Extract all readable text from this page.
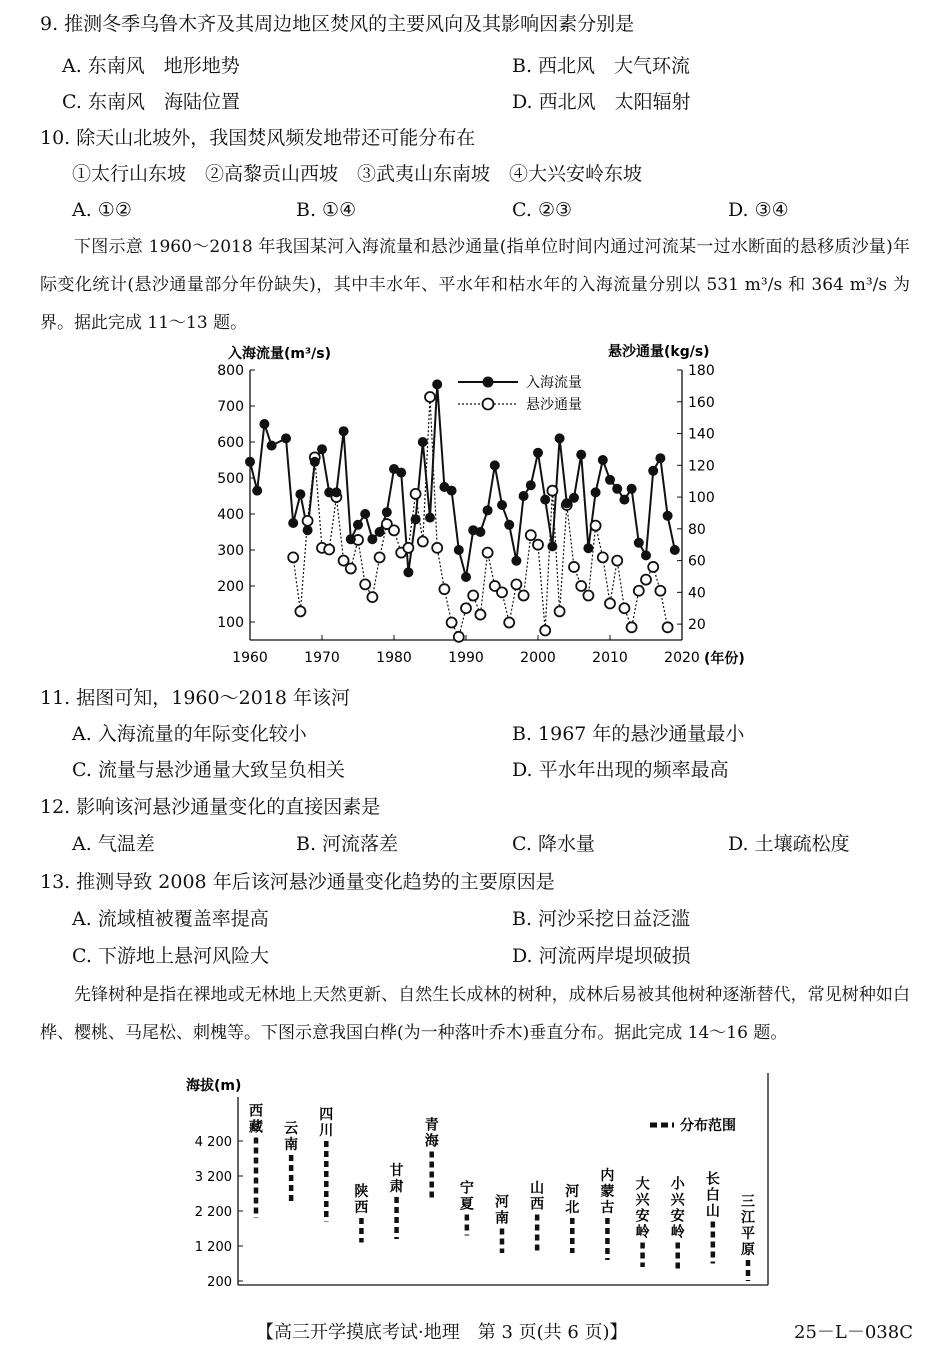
9. 推测冬季乌鲁木齐及其周边地区焚风的主要风向及其影响因素分别是
A. 东南风　地形地势	B. 西北风　大气环流
C. 东南风　海陆位置	D. 西北风　太阳辐射
10. 除天山北坡外，我国焚风频发地带还可能分布在
①太行山东坡　②高黎贡山西坡　③武夷山东南坡　④大兴安岭东坡
A. ①②	B. ①④	C. ②③	D. ③④
下图示意 1960～2018 年我国某河入海流量和悬沙通量(指单位时间内通过河流某一过水断面的悬移质沙量)年际变化统计(悬沙通量部分年份缺失)，其中丰水年、平水年和枯水年的入海流量分别以 531 m³/s 和 364 m³/s 为界。据此完成 11～13 题。
入海流量(m³/s)	悬沙通量(kg/s)
100
200
300
400
500
600
700
800
20
40
60
80
100
120
140
160
180
1960	1970	1980	1990	2000	2010	2020 (年份)
入海流量
悬沙通量
11. 据图可知，1960～2018 年该河
A. 入海流量的年际变化较小	B. 1967 年的悬沙通量最小
C. 流量与悬沙通量大致呈负相关	D. 平水年出现的频率最高
12. 影响该河悬沙通量变化的直接因素是
A. 气温差	B. 河流落差	C. 降水量	D. 土壤疏松度
13. 推测导致 2008 年后该河悬沙通量变化趋势的主要原因是
A. 流域植被覆盖率提高	B. 河沙采挖日益泛滥
C. 下游地上悬河风险大	D. 河流两岸堤坝破损
先锋树种是指在裸地或无林地上天然更新、自然生长成林的树种，成林后易被其他树种逐渐替代，常见树种如白桦、樱桃、马尾松、刺槐等。下图示意我国白桦(为一种落叶乔木)垂直分布。据此完成 14～16 题。
海拔(m)
200
1 200
2 200
3 200
4 200
西藏 云南
四川
陕西
甘肃
青海
宁夏 河南
山西
河北
内蒙古
大兴安岭
小兴安岭
长白山
三江平原
分布范围
【高三开学摸底考试·地理　第 3 页(共 6 页)】	25－L－038C
